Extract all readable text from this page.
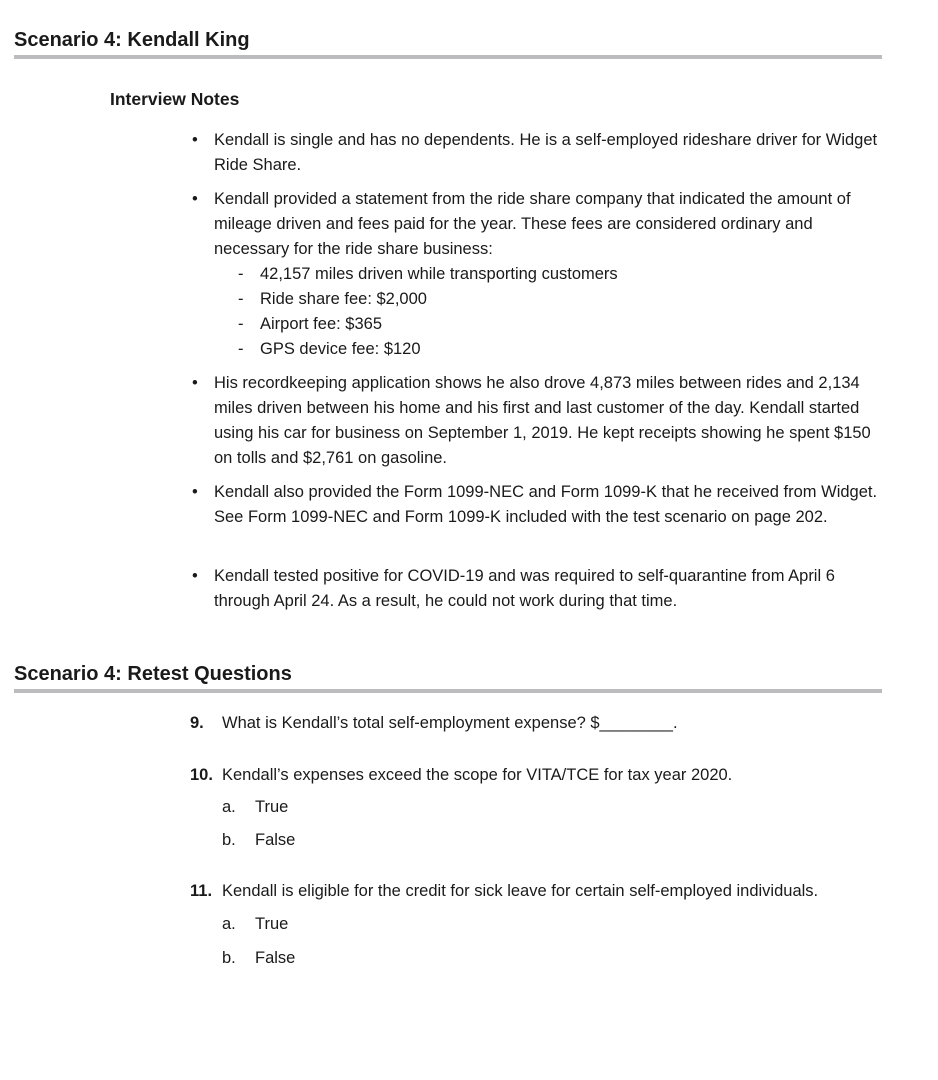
Scenario 4: Kendall King
Interview Notes
• Kendall is single and has no dependents. He is a self-employed rideshare driver for Widget Ride Share.
• Kendall provided a statement from the ride share company that indicated the amount of mileage driven and fees paid for the year. These fees are considered ordinary and necessary for the ride share business:
- 42,157 miles driven while transporting customers
- Ride share fee: $2,000
- Airport fee: $365
- GPS device fee: $120
• His recordkeeping application shows he also drove 4,873 miles between rides and 2,134 miles driven between his home and his first and last customer of the day. Kendall started using his car for business on September 1, 2019. He kept receipts showing he spent $150 on tolls and $2,761 on gasoline.
• Kendall also provided the Form 1099-NEC and Form 1099-K that he received from Widget. See Form 1099-NEC and Form 1099-K included with the test scenario on page 202.
• Kendall tested positive for COVID-19 and was required to self-quarantine from April 6 through April 24. As a result, he could not work during that time.
Scenario 4: Retest Questions
9. What is Kendall’s total self-employment expense? $________.
10. Kendall’s expenses exceed the scope for VITA/TCE for tax year 2020.
a. True
b. False
11. Kendall is eligible for the credit for sick leave for certain self-employed individuals.
a. True
b. False
